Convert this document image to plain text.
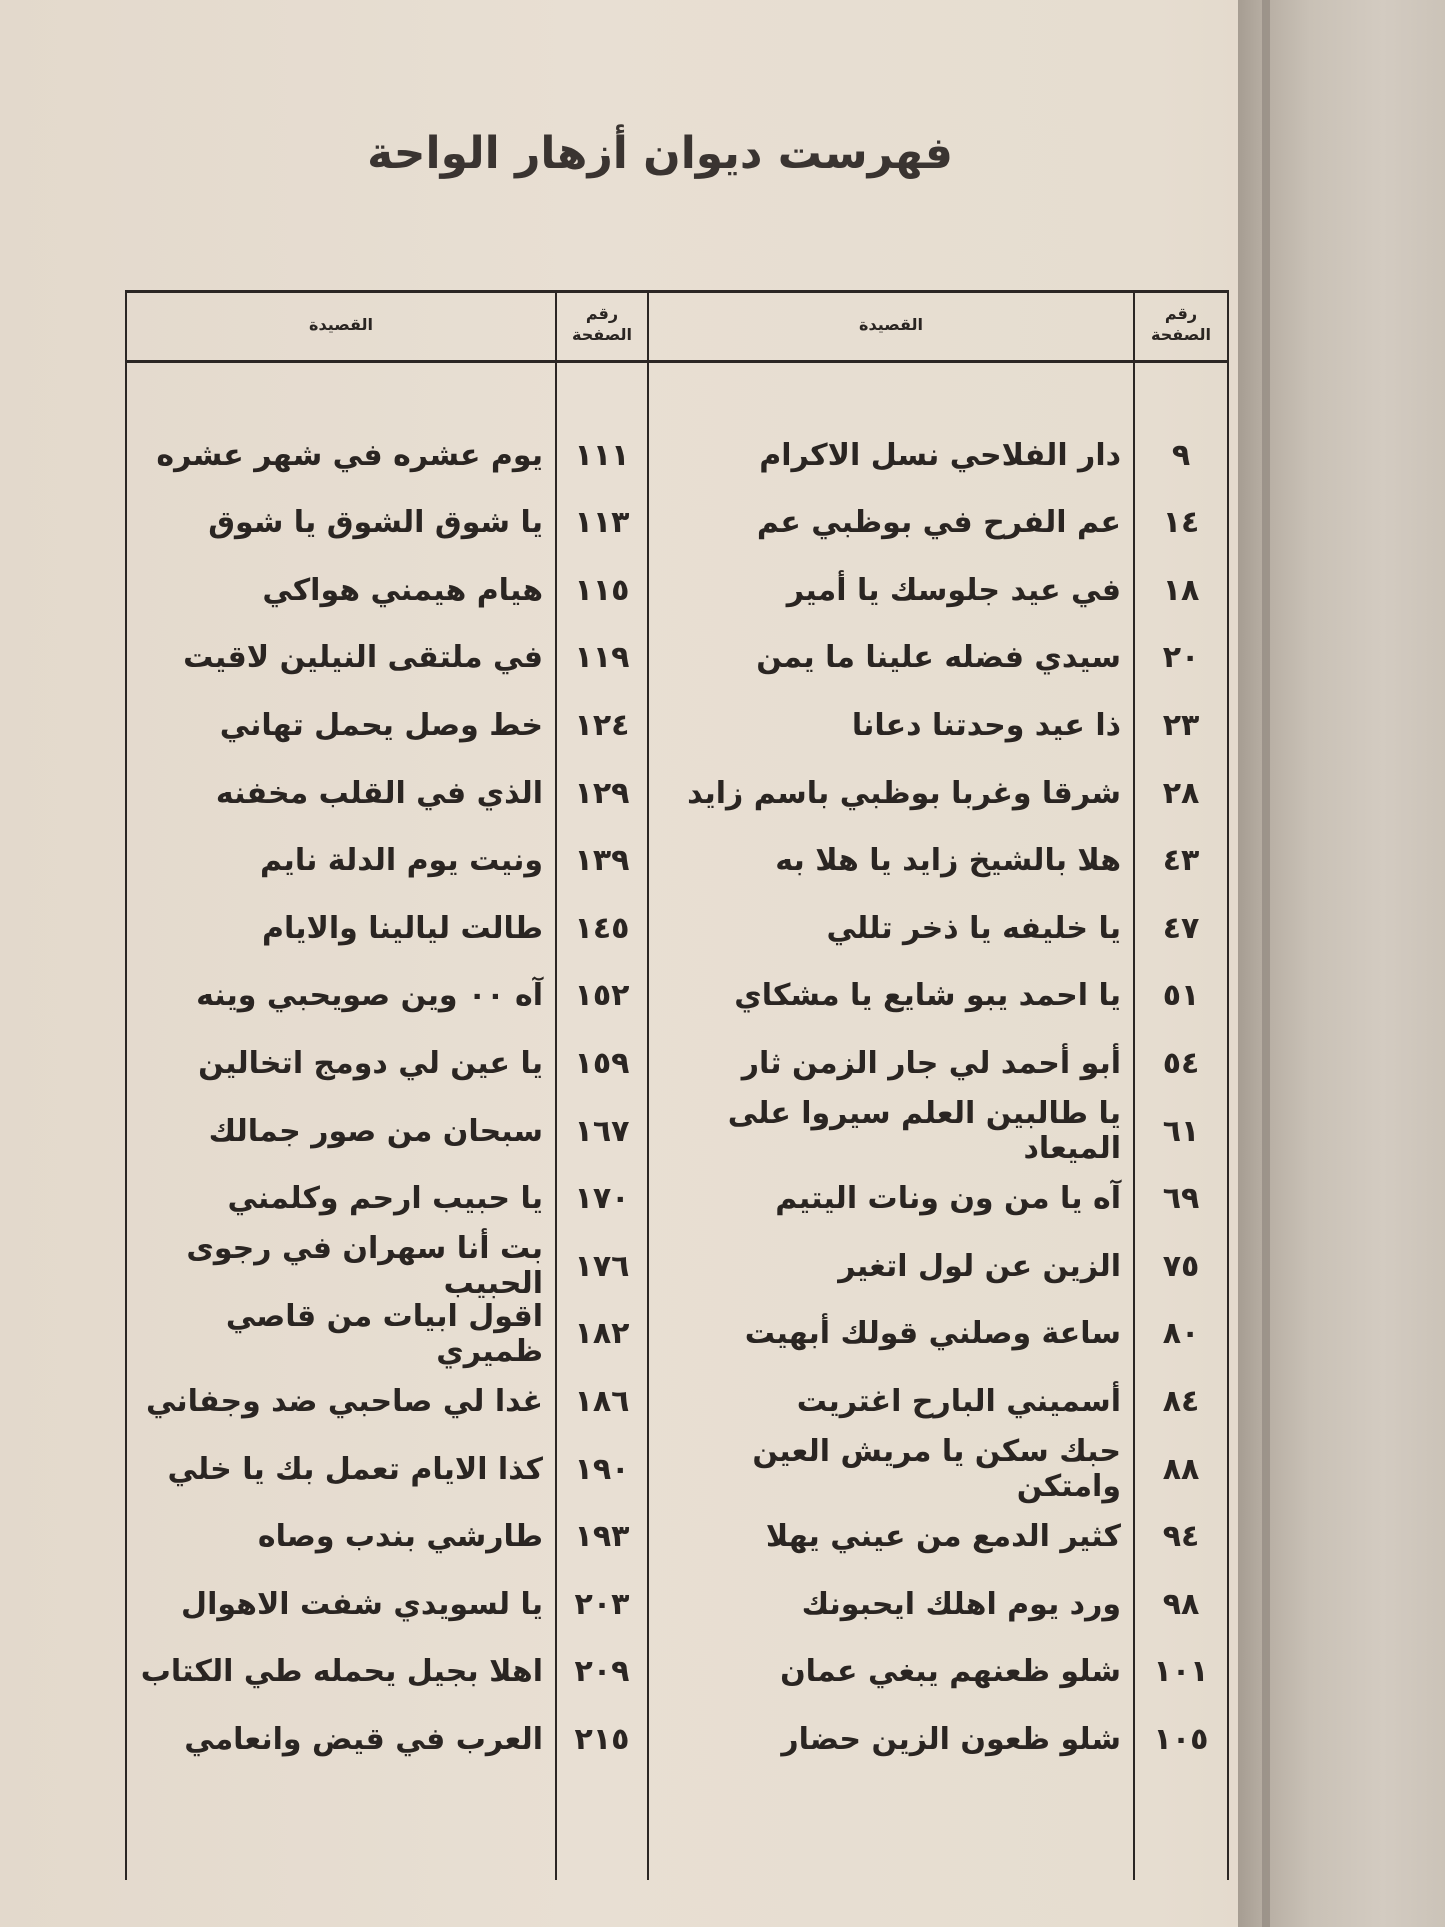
فهرست ديوان أزهار الواحة
رقم الصفحة
القصيدة
رقم الصفحة
القصيدة
٩
دار الفلاحي نسل الاكرام
١١١
يوم عشره في شهر عشره
١٤
عم الفرح في بوظبي عم
١١٣
يا شوق الشوق يا شوق
١٨
في عيد جلوسك يا أمير
١١٥
هيام هيمني هواكي
٢٠
سيدي فضله علينا ما يمن
١١٩
في ملتقى النيلين لاقيت
٢٣
ذا عيد وحدتنا دعانا
١٢٤
خط وصل يحمل تهاني
٢٨
شرقا وغربا بوظبي باسم زايد
١٢٩
الذي في القلب مخفنه
٤٣
هلا بالشيخ زايد يا هلا به
١٣٩
ونيت يوم الدلة نايم
٤٧
يا خليفه يا ذخر تللي
١٤٥
طالت ليالينا والايام
٥١
يا احمد يبو شايع يا مشكاي
١٥٢
آه ٠٠ وين صويحبي وينه
٥٤
أبو أحمد لي جار الزمن ثار
١٥٩
يا عين لي دومج اتخالين
٦١
يا طالبين العلم سيروا على الميعاد
١٦٧
سبحان من صور جمالك
٦٩
آه يا من ون ونات اليتيم
١٧٠
يا حبيب ارحم وكلمني
٧٥
الزين عن لول اتغير
١٧٦
بت أنا سهران في رجوى الحبيب
٨٠
ساعة وصلني قولك أبهيت
١٨٢
اقول ابيات من قاصي ظميري
٨٤
أسميني البارح اغتريت
١٨٦
غدا لي صاحبي ضد وجفاني
٨٨
حبك سكن يا مريش العين وامتكن
١٩٠
كذا الايام تعمل بك يا خلي
٩٤
كثير الدمع من عيني يهلا
١٩٣
طارشي بندب وصاه
٩٨
ورد يوم اهلك ايحبونك
٢٠٣
يا لسويدي شفت الاهوال
١٠١
شلو ظعنهم يبغي عمان
٢٠٩
اهلا بجيل يحمله طي الكتاب
١٠٥
شلو ظعون الزين حضار
٢١٥
العرب في قيض وانعامي
